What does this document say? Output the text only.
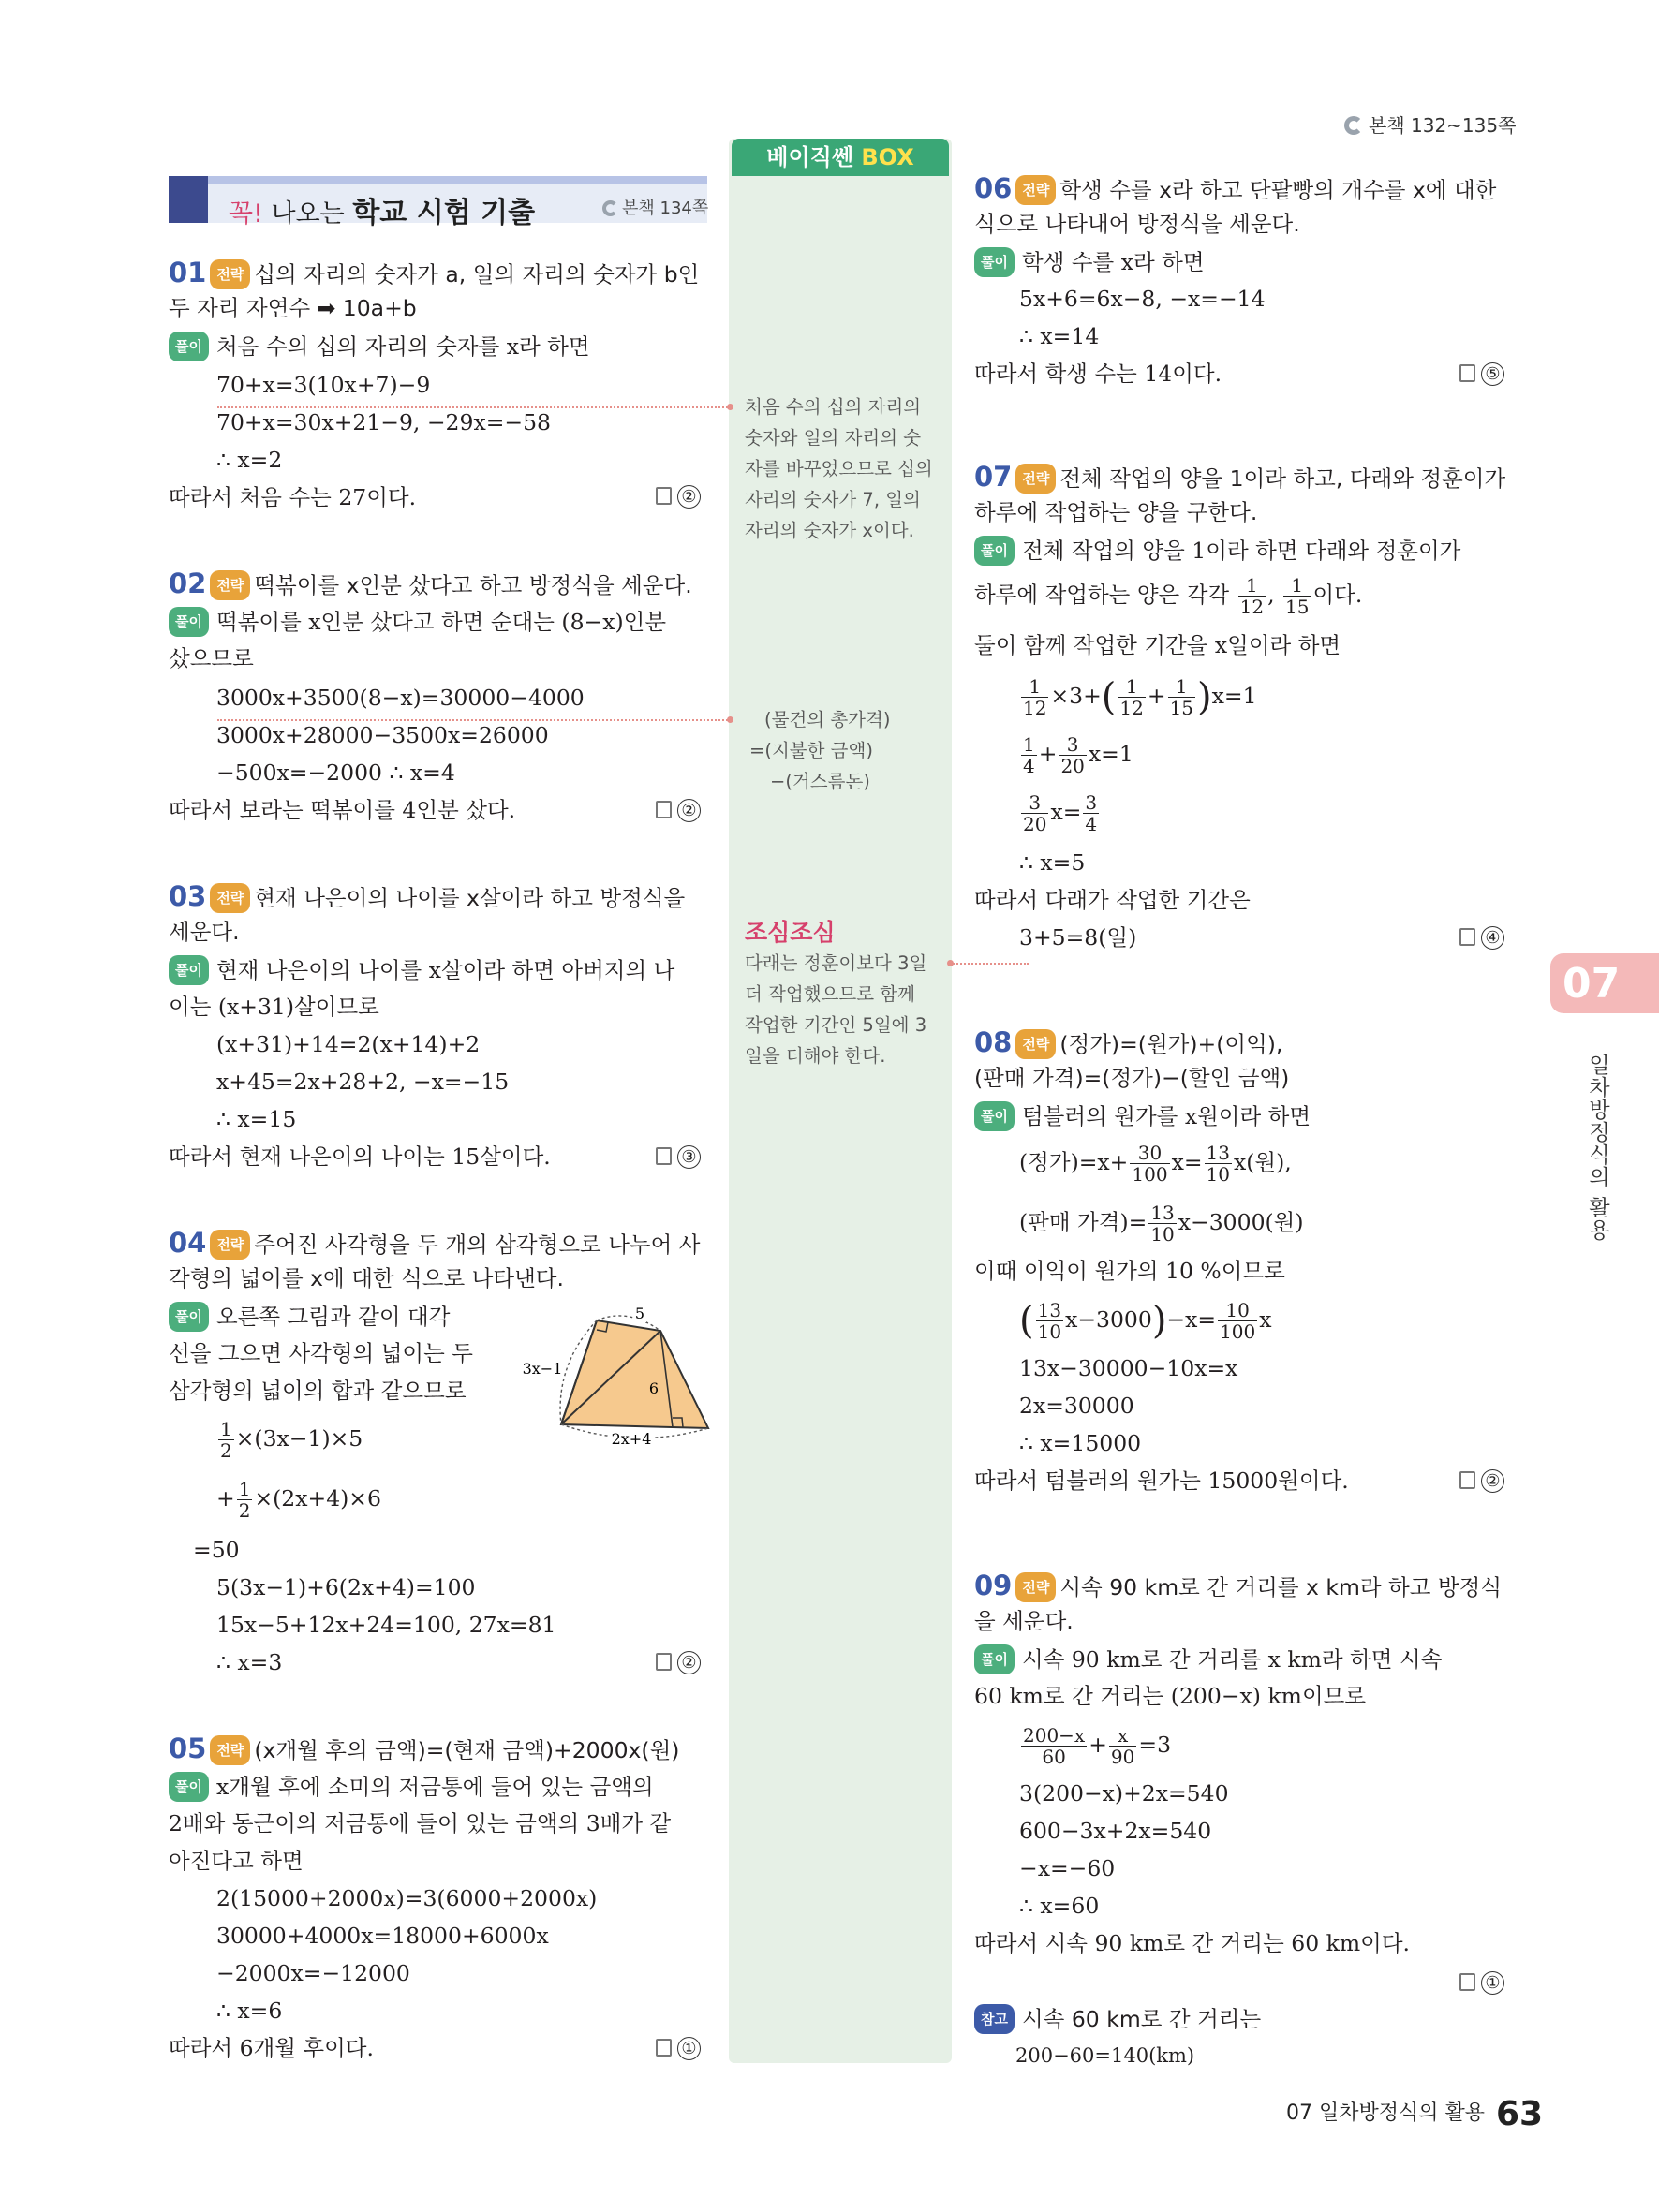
본책 132~135쪽
꼭! 나오는 학교 시험 기출	본책 134쪽
베이직쎈 BOX
처음 수의 십의 자리의
숫자와 일의 자리의 숫
자를 바꾸었으므로 십의
자리의 숫자가 7, 일의
자리의 숫자가 x이다.
(물건의 총가격)
=(지불한 금액)
−(거스름돈)
조심조심
다래는 정훈이보다 3일
더 작업했으므로 함께
작업한 기간인 5일에 3
일을 더해야 한다.
01 전략 십의 자리의 숫자가 a, 일의 자리의 숫자가 b인
두 자리 자연수 ➡ 10a+b
풀이 처음 수의 십의 자리의 숫자를 x라 하면
70+x=3(10x+7)−9
70+x=30x+21−9, −29x=−58
∴ x=2
따라서 처음 수는 27이다.	②
02 전략 떡볶이를 x인분 샀다고 하고 방정식을 세운다.
풀이 떡볶이를 x인분 샀다고 하면 순대는 (8−x)인분
샀으므로
3000x+3500(8−x)=30000−4000
3000x+28000−3500x=26000
−500x=−2000 ∴ x=4
따라서 보라는 떡볶이를 4인분 샀다.	②
03 전략 현재 나은이의 나이를 x살이라 하고 방정식을
세운다.
풀이 현재 나은이의 나이를 x살이라 하면 아버지의 나
이는 (x+31)살이므로
(x+31)+14=2(x+14)+2
x+45=2x+28+2, −x=−15
∴ x=15
따라서 현재 나은이의 나이는 15살이다.	③
04 전략 주어진 사각형을 두 개의 삼각형으로 나누어 사
각형의 넓이를 x에 대한 식으로 나타낸다.
풀이 오른쪽 그림과 같이 대각
선을 그으면 사각형의 넓이는 두
삼각형의 넓이의 합과 같으므로
5
3x−1
6
2x+4
$\frac{1}{2} \times(3x-1)\times 5$
+ $\frac{1}{2} \times(2x+4)\times 6$
=50
5(3x−1)+6(2x+4)=100
15x−5+12x+24=100, 27x=81
∴ x=3	②
05 전략 (x개월 후의 금액)=(현재 금액)+2000x(원)
풀이 x개월 후에 소미의 저금통에 들어 있는 금액의
2배와 동근이의 저금통에 들어 있는 금액의 3배가 같
아진다고 하면
2(15000+2000x)=3(6000+2000x)
30000+4000x=18000+6000x
−2000x=−12000
∴ x=6
따라서 6개월 후이다.	①
06 전략 학생 수를 x라 하고 단팥빵의 개수를 x에 대한
식으로 나타내어 방정식을 세운다.
풀이 학생 수를 x라 하면
5x+6=6x−8, −x=−14
∴ x=14
따라서 학생 수는 14이다.	⑤
07 전략 전체 작업의 양을 1이라 하고, 다래와 정훈이가
하루에 작업하는 양을 구한다.
풀이 전체 작업의 양을 1이라 하면 다래와 정훈이가
하루에 작업하는 양은 각각 $\frac{1}{12}$ , $\frac{1}{15}$ 이다.
둘이 함께 작업한 기간을 x일이라 하면
$\frac{1}{12} \times 3+( \frac{1}{12} + \frac{1}{15} )x=1$
$\frac{1}{4} + \frac{3}{20} x=1$
$\frac{3}{20} x= \frac{3}{4}$
∴ x=5
따라서 다래가 작업한 기간은
3+5=8(일)	④
08 전략 (정가)=(원가)+(이익),
(판매 가격)=(정가)−(할인 금액)
풀이 텀블러의 원가를 x원이라 하면
(정가)$=x+ \frac{30}{100} x= \frac{13}{10} x$(원),
(판매 가격)= $\frac{13}{10} x-3000$(원)
이때 이익이 원가의 10 %이므로
( $\frac{13}{10} x-3000)-x= \frac{10}{100}$ x
13x−30000−10x=x
2x=30000
∴ x=15000
따라서 텀블러의 원가는 15000원이다.	②
09 전략 시속 90 km로 간 거리를 x km라 하고 방정식
을 세운다.
풀이 시속 90 km로 간 거리를 x km라 하면 시속
60 km로 간 거리는 (200−x) km이므로
$\frac{200-x}{60} + \frac{x}{90} =3$
3(200−x)+2x=540
600−3x+2x=540
−x=−60
∴ x=60
따라서 시속 90 km로 간 거리는 60 km이다.
①
참고 시속 60 km로 간 거리는
200−60=140(km)
07
일차방정식의 활용
07 일차방정식의 활용 63
